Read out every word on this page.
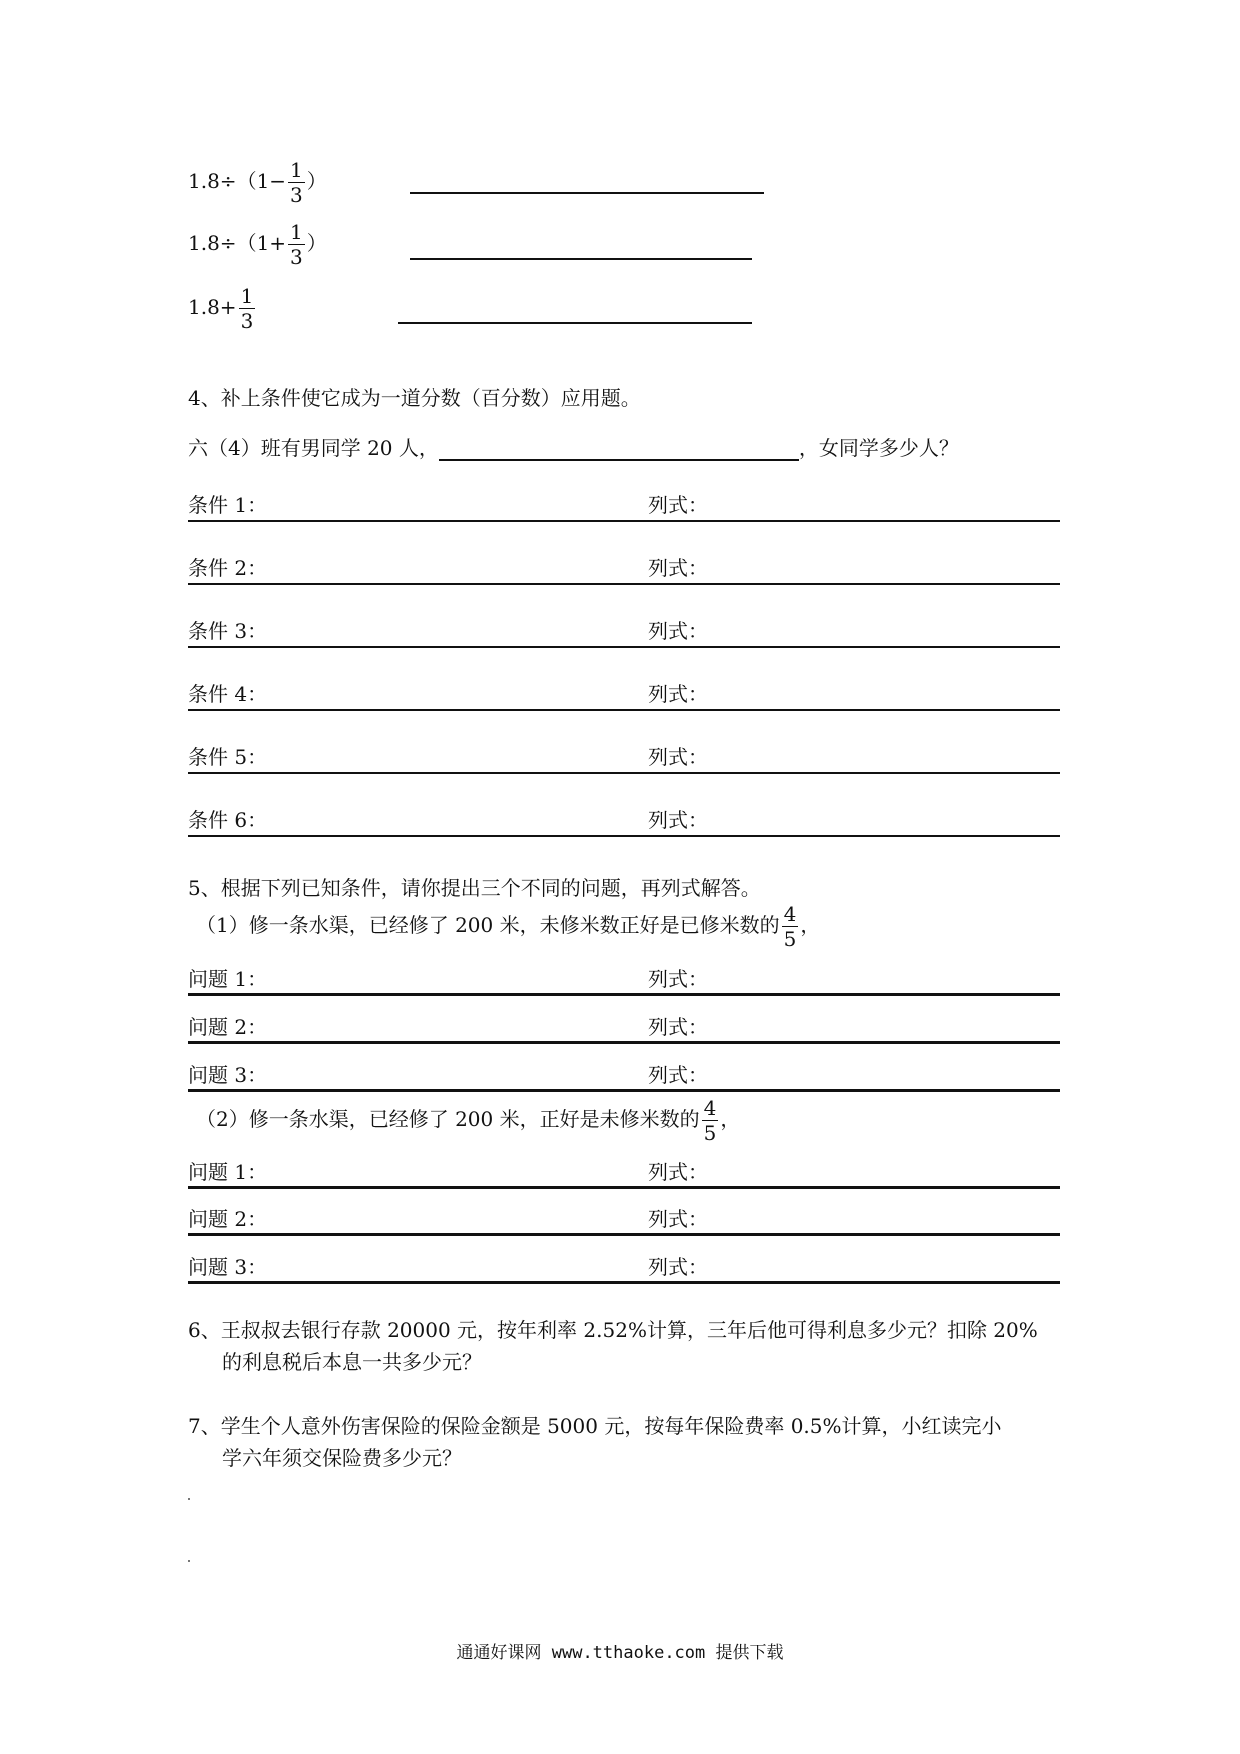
$1.8\div(1- \frac{1}{3}$ ）
$1.8\div(1+ \frac{1}{3}$ ）
$1.8+ \frac{1}{3}$
4、补上条件使它成为一道分数（百分数）应用题。
六（4）班有男同学 20 人，	，女同学多少人？
条件 1：	列式：
条件 2：	列式：
条件 3：	列式：
条件 4：	列式：
条件 5：	列式：
条件 6：	列式：
5、根据下列已知条件，请你提出三个不同的问题，再列式解答。
（1）修一条水渠，已经修了 200 米，未修米数正好是已修米数的 $\frac{4}{5}$ ，
问题 1：	列式：
问题 2：	列式：
问题 3：	列式：
（2）修一条水渠，已经修了 200 米，正好是未修米数的 $\frac{4}{5}$ ，
问题 1：	列式：
问题 2：	列式：
问题 3：	列式：
6、王叔叔去银行存款 20000 元，按年利率 2.52%计算，三年后他可得利息多少元？扣除 20%
的利息税后本息一共多少元？
7、学生个人意外伤害保险的保险金额是 5000 元，按每年保险费率 0.5%计算，小红读完小
学六年须交保险费多少元？
通通好课网 www.tthaoke.com 提供下载
